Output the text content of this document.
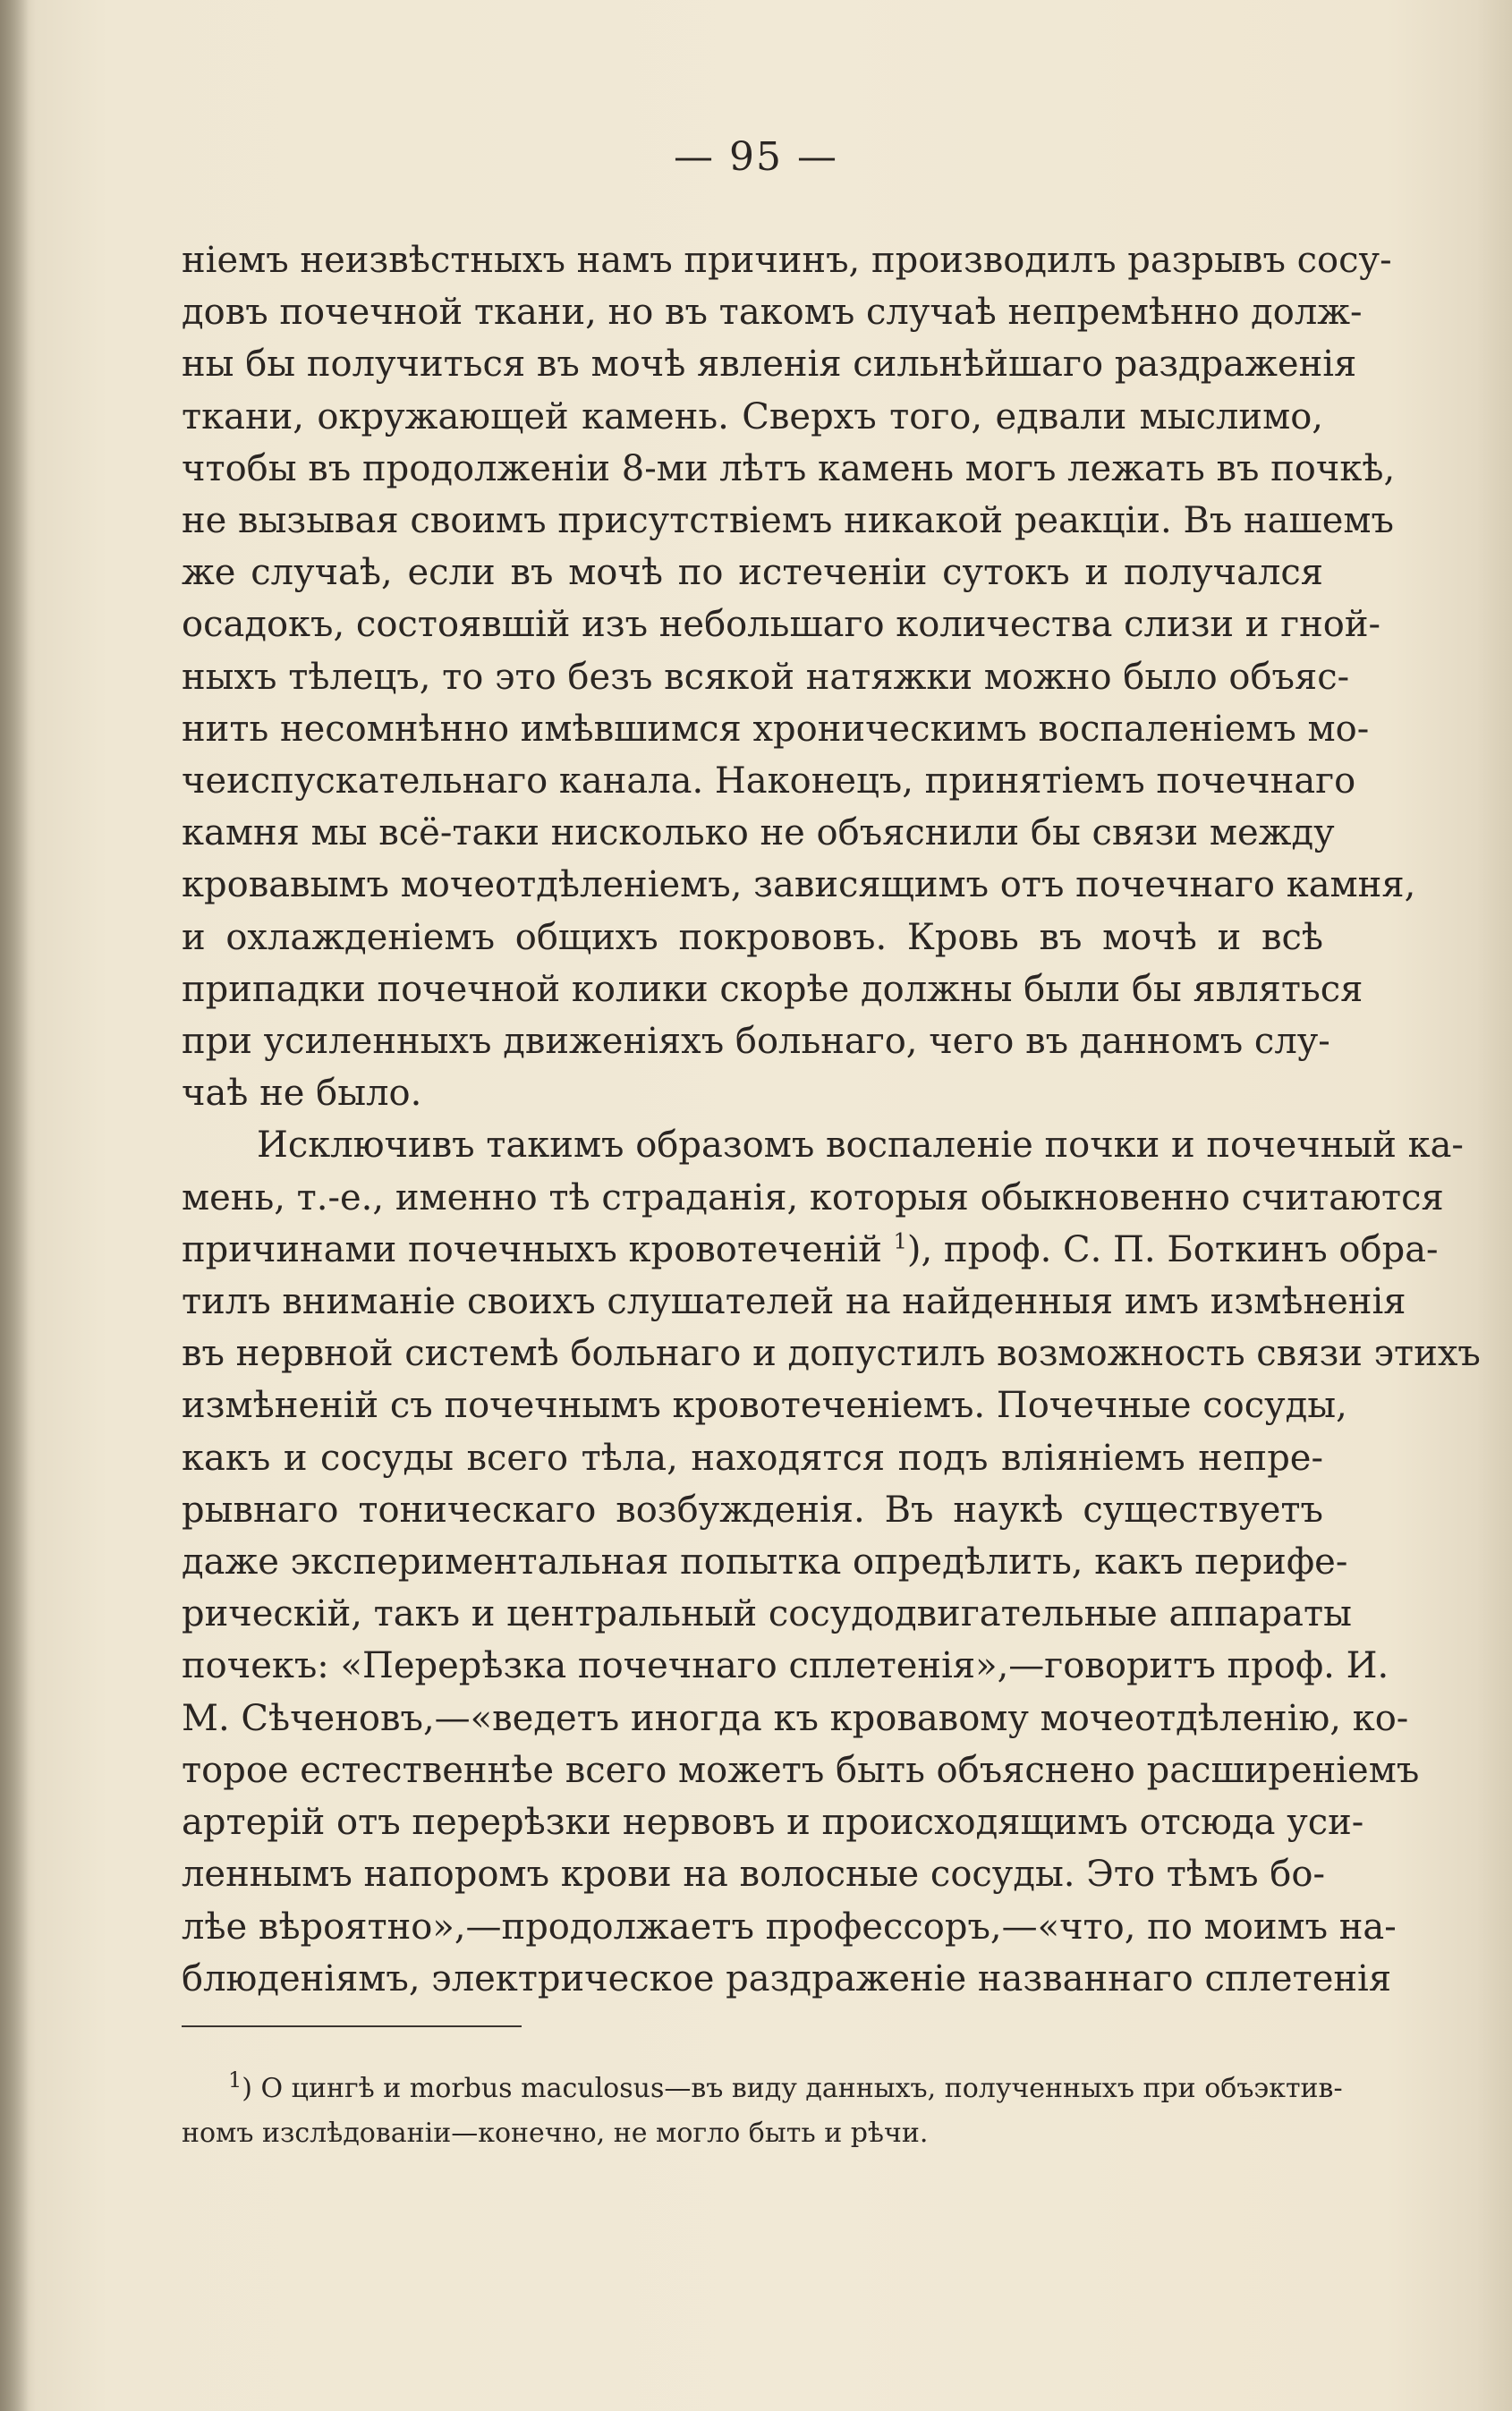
— 95 —
ніемъ неизвѣстныхъ намъ причинъ, производилъ разрывъ сосу-
довъ почечной ткани, но въ такомъ случаѣ непремѣнно долж-
ны бы получиться въ мочѣ явленія сильнѣйшаго раздраженія
ткани, окружающей камень. Сверхъ того, едвали мыслимо,
чтобы въ продолженіи 8-ми лѣтъ камень могъ лежать въ почкѣ,
не вызывая своимъ присутствіемъ никакой реакціи. Въ нашемъ
же случаѣ, если въ мочѣ по истеченіи сутокъ и получался
осадокъ, состоявшій изъ небольшаго количества слизи и гной-
ныхъ тѣлецъ, то это безъ всякой натяжки можно было объяс-
нить несомнѣнно имѣвшимся хроническимъ воспаленіемъ мо-
чеиспускательнаго канала. Наконецъ, принятіемъ почечнаго
камня мы всё-таки нисколько не объяснили бы связи между
кровавымъ мочеотдѣленіемъ, зависящимъ отъ почечнаго камня,
и охлажденіемъ общихъ покрововъ. Кровь въ мочѣ и всѣ
припадки почечной колики скорѣе должны были бы являться
при усиленныхъ движеніяхъ больнаго, чего въ данномъ слу-
чаѣ не было.
Исключивъ такимъ образомъ воспаленіе почки и почечный ка-
мень, т.-е., именно тѣ страданія, которыя обыкновенно считаются
причинами почечныхъ кровотеченій $^1$), проф. С. П. Боткинъ обра-
тилъ вниманіе своихъ слушателей на найденныя имъ измѣненія
въ нервной системѣ больнаго и допустилъ возможность связи этихъ
измѣненій съ почечнымъ кровотеченіемъ. Почечные сосуды,
какъ и сосуды всего тѣла, находятся подъ вліяніемъ непре-
рывнаго тоническаго возбужденія. Въ наукѣ существуетъ
даже экспериментальная попытка опредѣлить, какъ перифе-
рическій, такъ и центральный сосудодвигательные аппараты
почекъ: «Перерѣзка почечнаго сплетенія»,—говоритъ проф. И.
М. Сѣченовъ,—«ведетъ иногда къ кровавому мочеотдѣленію, ко-
торое естественнѣе всего можетъ быть объяснено расширеніемъ
артерій отъ перерѣзки нервовъ и происходящимъ отсюда уси-
леннымъ напоромъ крови на волосные сосуды. Это тѣмъ бо-
лѣе вѣроятно»,—продолжаетъ профессоръ,—«что, по моимъ на-
блюденіямъ, электрическое раздраженіе названнаго сплетенія
$^1$) О цингѣ и morbus maculosus—въ виду данныхъ, полученныхъ при объэктив-
номъ изслѣдованіи—конечно, не могло быть и рѣчи.
